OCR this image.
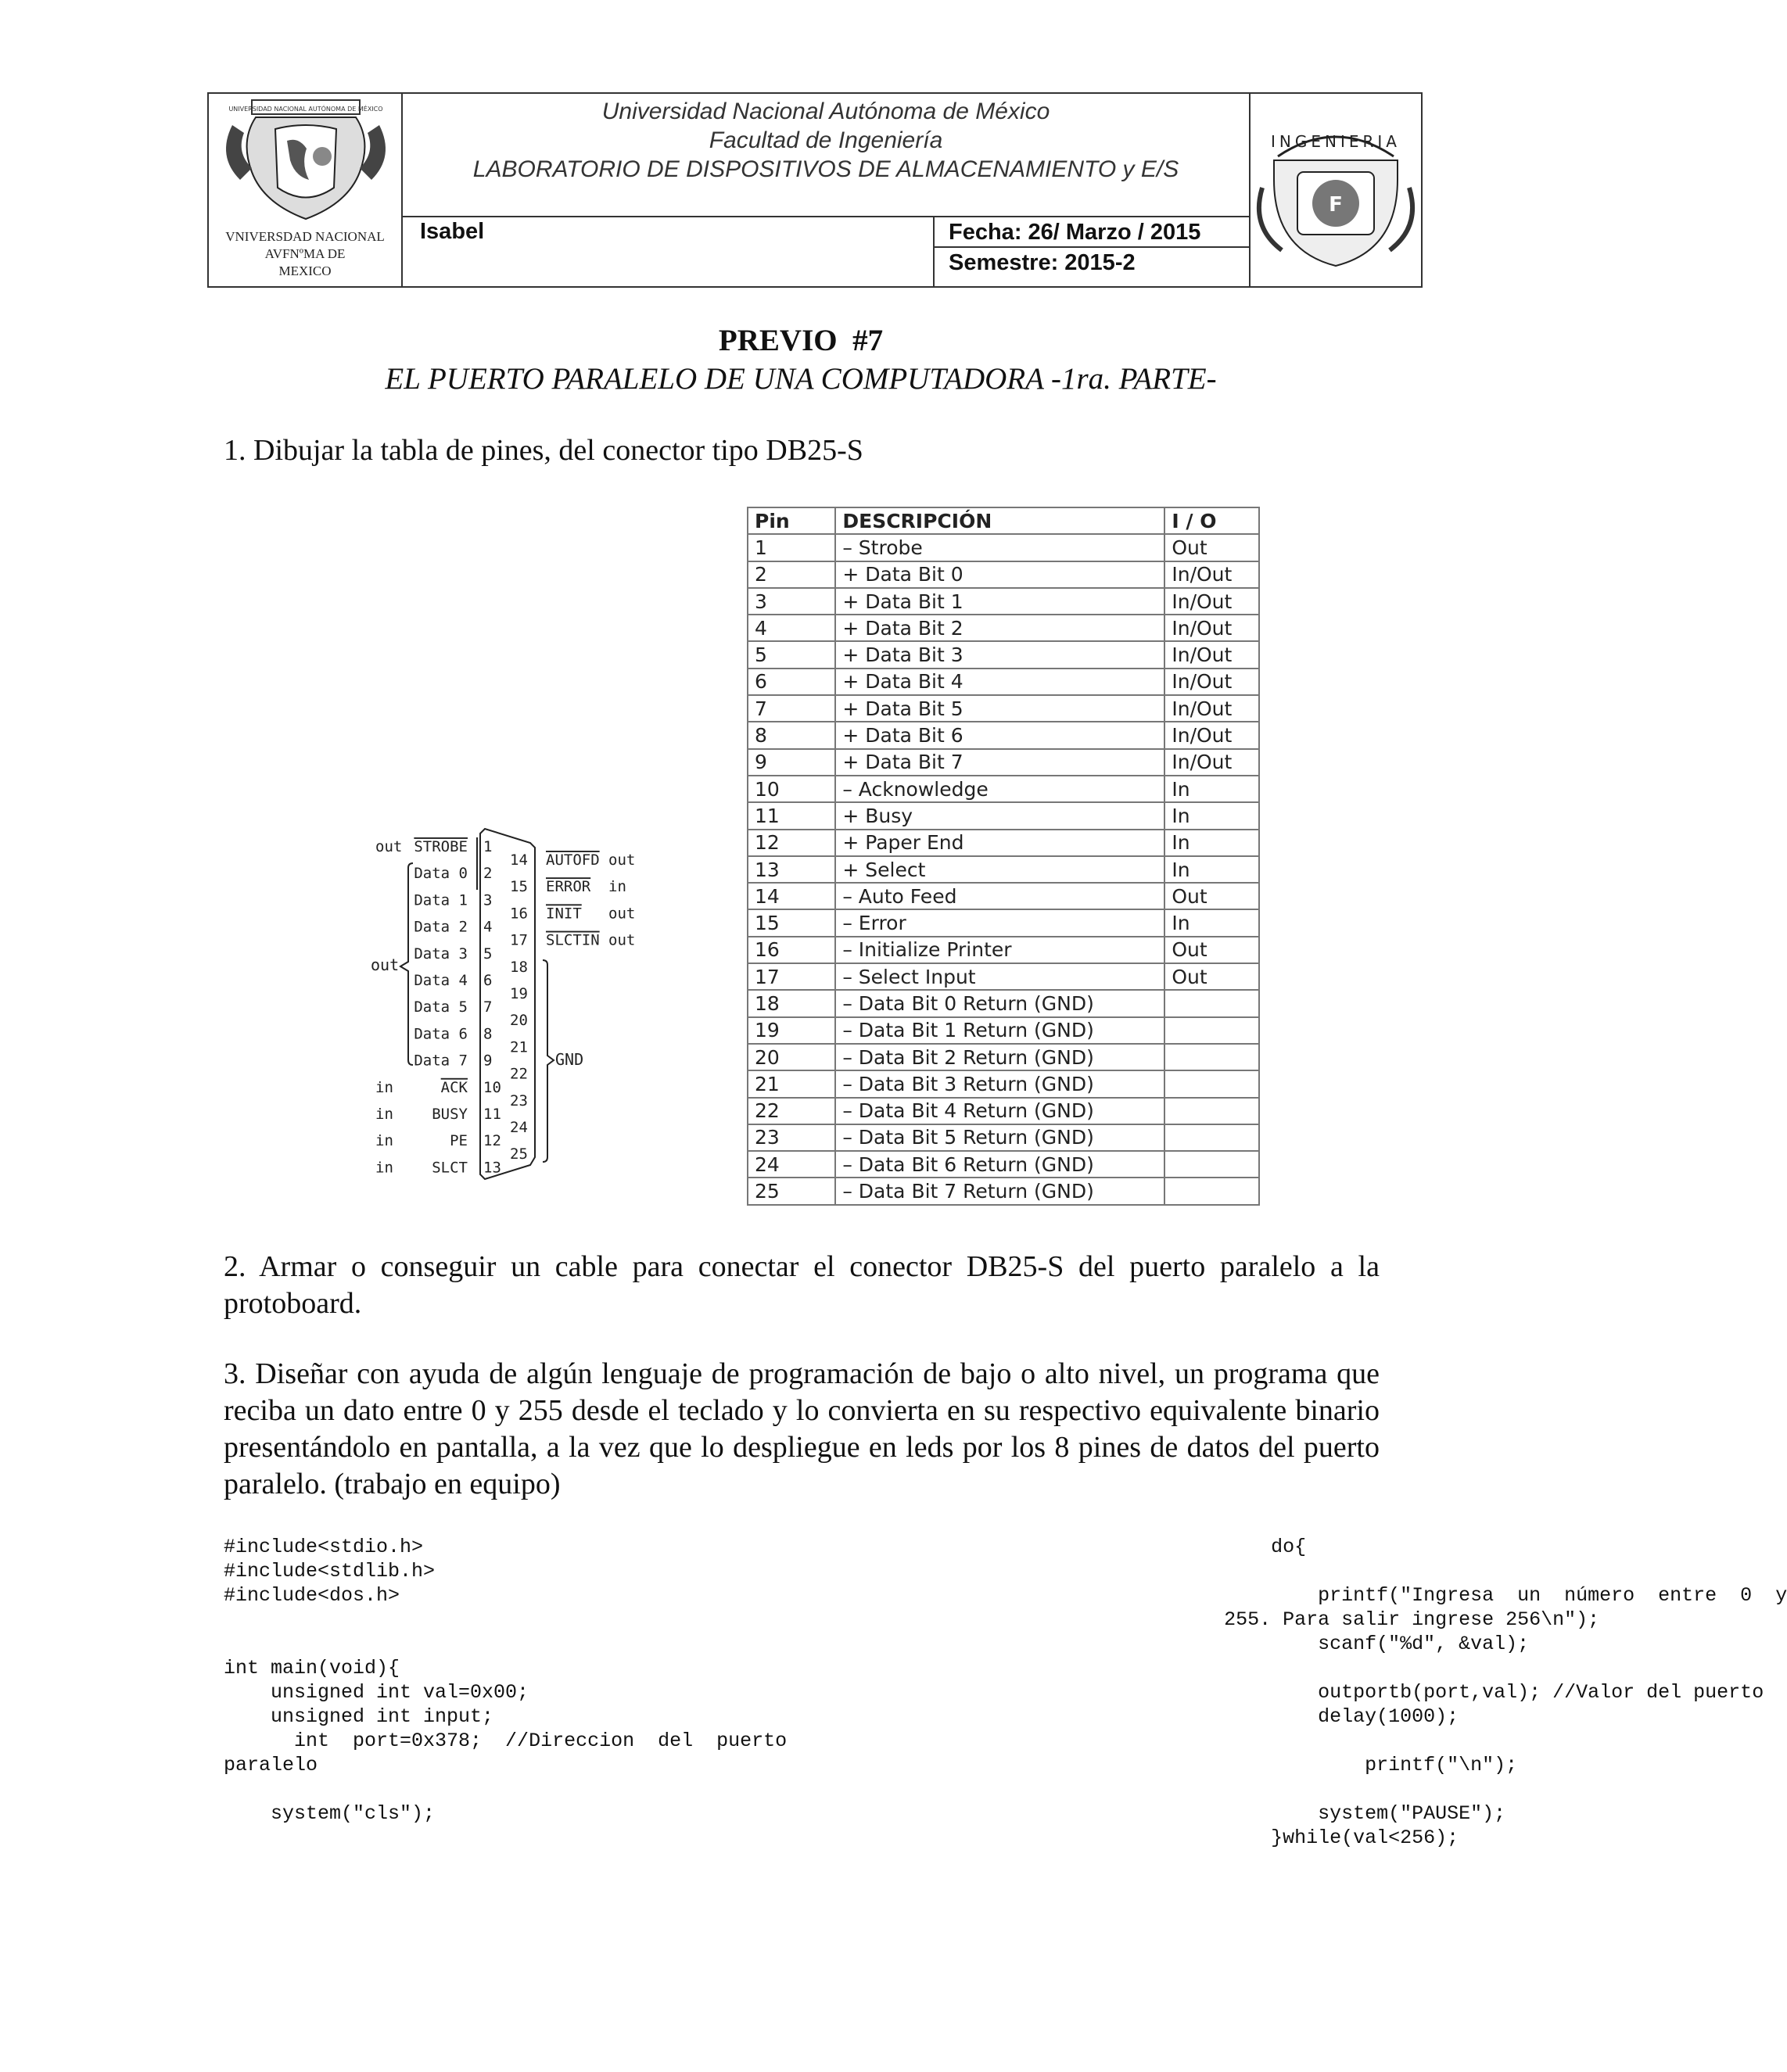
UNIVERSIDAD NACIONAL AUTÓNOMA DE MÉXICO
VNIVERSDAD NACIONAL
AVFNºMA DE
MEXICO
Universidad Nacional Autónoma de México
Facultad de Ingeniería
LABORATORIO DE DISPOSITIVOS DE ALMACENAMIENTO y E/S
Isabel	Fecha: 26/ Marzo / 2015
Semestre: 2015-2
INGENIERIA
F
PREVIO  #7
EL PUERTO PARALELO DE UNA COMPUTADORA -1ra. PARTE-
1. Dibujar la tabla de pines, del conector tipo DB25-S
out
GND
STROBE 1
out
Data 0 2
Data 1 3
Data 2 4
Data 3 5
Data 4 6
Data 5 7
Data 6 8
Data 7 9
ACK 10
in
BUSY 11
in
PE 12
in
SLCT 13
in
14
15
16
17
18
19
20
21
22
23
24
25
AUTOFD out
ERROR in
INIT out
SLCTIN out
Pin	DESCRIPCIÓN	I / O
1	– Strobe	Out
2	+ Data Bit 0	In/Out
3	+ Data Bit 1	In/Out
4	+ Data Bit 2	In/Out
5	+ Data Bit 3	In/Out
6	+ Data Bit 4	In/Out
7	+ Data Bit 5	In/Out
8	+ Data Bit 6	In/Out
9	+ Data Bit 7	In/Out
10	– Acknowledge	In
11	+ Busy	In
12	+ Paper End	In
13	+ Select	In
14	– Auto Feed	Out
15	– Error	In
16	– Initialize Printer	Out
17	– Select Input	Out
18	– Data Bit 0 Return (GND)	
19	– Data Bit 1 Return (GND)	
20	– Data Bit 2 Return (GND)	
21	– Data Bit 3 Return (GND)	
22	– Data Bit 4 Return (GND)	
23	– Data Bit 5 Return (GND)	
24	– Data Bit 6 Return (GND)	
25	– Data Bit 7 Return (GND)	
2. Armar o conseguir un cable para conectar el conector DB25-S del puerto paralelo a la protoboard.
3. Diseñar con ayuda de algún lenguaje de programación de bajo o alto nivel, un programa que reciba un dato entre 0 y 255 desde el teclado y lo convierta en su respectivo equivalente binario presentándolo en pantalla, a la vez que lo despliegue en leds por los 8 pines de datos del puerto paralelo. (trabajo en equipo)
#include<stdio.h>
#include<stdlib.h>
#include<dos.h>

int main(void){
unsigned int val=0x00;
unsigned int input;
int  port=0x378;  //Direccion  del  puerto
paralelo

system("cls");
do{

printf("Ingresa  un  número  entre  0  y
255. Para salir ingrese 256\n");
scanf("%d", &val);

outportb(port,val); //Valor del puerto
delay(1000);

printf("\n");

system("PAUSE");
}while(val<256);
